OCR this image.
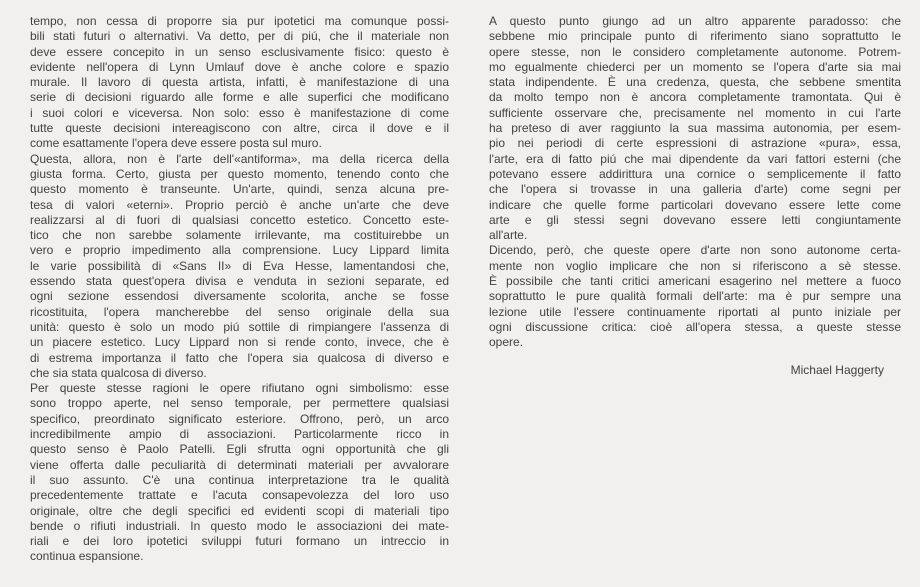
tempo, non cessa di proporre sia pur ipotetici ma comunque possi-
bili stati futuri o alternativi. Va detto, per di piú, che il materiale non
deve essere concepito in un senso esclusivamente fisico: questo è
evidente nell'opera di Lynn Umlauf dove è anche colore e spazio
murale. Il lavoro di questa artista, infatti, è manifestazione di una
serie di decisioni riguardo alle forme e alle superfici che modificano
i suoi colori e viceversa. Non solo: esso è manifestazione di come
tutte queste decisioni intereagiscono con altre, circa il dove e il
come esattamente l'opera deve essere posta sul muro.
Questa, allora, non è l'arte dell'«antiforma», ma della ricerca della
giusta forma. Certo, giusta per questo momento, tenendo conto che
questo momento è transeunte. Un'arte, quindi, senza alcuna pre-
tesa di valori «eterni». Proprio perciò è anche un'arte che deve
realizzarsi al di fuori di qualsiasi concetto estetico. Concetto este-
tico che non sarebbe solamente irrilevante, ma costituirebbe un
vero e proprio impedimento alla comprensione. Lucy Lippard limita
le varie possibilità di «Sans II» di Eva Hesse, lamentandosi che,
essendo stata quest'opera divisa e venduta in sezioni separate, ed
ogni sezione essendosi diversamente scolorita, anche se fosse
ricostituita, l'opera mancherebbe del senso originale della sua
unità: questo è solo un modo piú sottile di rimpiangere l'assenza di
un piacere estetico. Lucy Lippard non si rende conto, invece, che è
di estrema importanza il fatto che l'opera sia qualcosa di diverso e
che sia stata qualcosa di diverso.
Per queste stesse ragioni le opere rifiutano ogni simbolismo: esse
sono troppo aperte, nel senso temporale, per permettere qualsiasi
specifico, preordinato significato esteriore. Offrono, però, un arco
incredibilmente ampio di associazioni. Particolarmente ricco in
questo senso è Paolo Patelli. Egli sfrutta ogni opportunità che gli
viene offerta dalle peculiarità di determinati materiali per avvalorare
il suo assunto. C'è una continua interpretazione tra le qualità
precedentemente trattate e l'acuta consapevolezza del loro uso
originale, oltre che degli specifici ed evidenti scopi di materiali tipo
bende o rifiuti industriali. In questo modo le associazioni dei mate-
riali e dei loro ipotetici sviluppi futuri formano un intreccio in
continua espansione.
A questo punto giungo ad un altro apparente paradosso: che
sebbene mio principale punto di riferimento siano soprattutto le
opere stesse, non le considero completamente autonome. Potrem-
mo egualmente chiederci per un momento se l'opera d'arte sia mai
stata indipendente. È una credenza, questa, che sebbene smentita
da molto tempo non è ancora completamente tramontata. Qui è
sufficiente osservare che, precisamente nel momento in cui l'arte
ha preteso di aver raggiunto la sua massima autonomia, per esem-
pio nei periodi di certe espressioni di astrazione «pura», essa,
l'arte, era di fatto piú che mai dipendente da vari fattori esterni (che
potevano essere addirittura una cornice o semplicemente il fatto
che l'opera si trovasse in una galleria d'arte) come segni per
indicare che quelle forme particolari dovevano essere lette come
arte e gli stessi segni dovevano essere letti congiuntamente
all'arte.
Dicendo, però, che queste opere d'arte non sono autonome certa-
mente non voglio implicare che non si riferiscono a sè stesse.
È possibile che tanti critici americani esagerino nel mettere a fuoco
soprattutto le pure qualità formali dell'arte: ma è pur sempre una
lezione utile l'essere continuamente riportati al punto iniziale per
ogni discussione critica: cioè all'opera stessa, a queste stesse
opere.
Michael Haggerty
